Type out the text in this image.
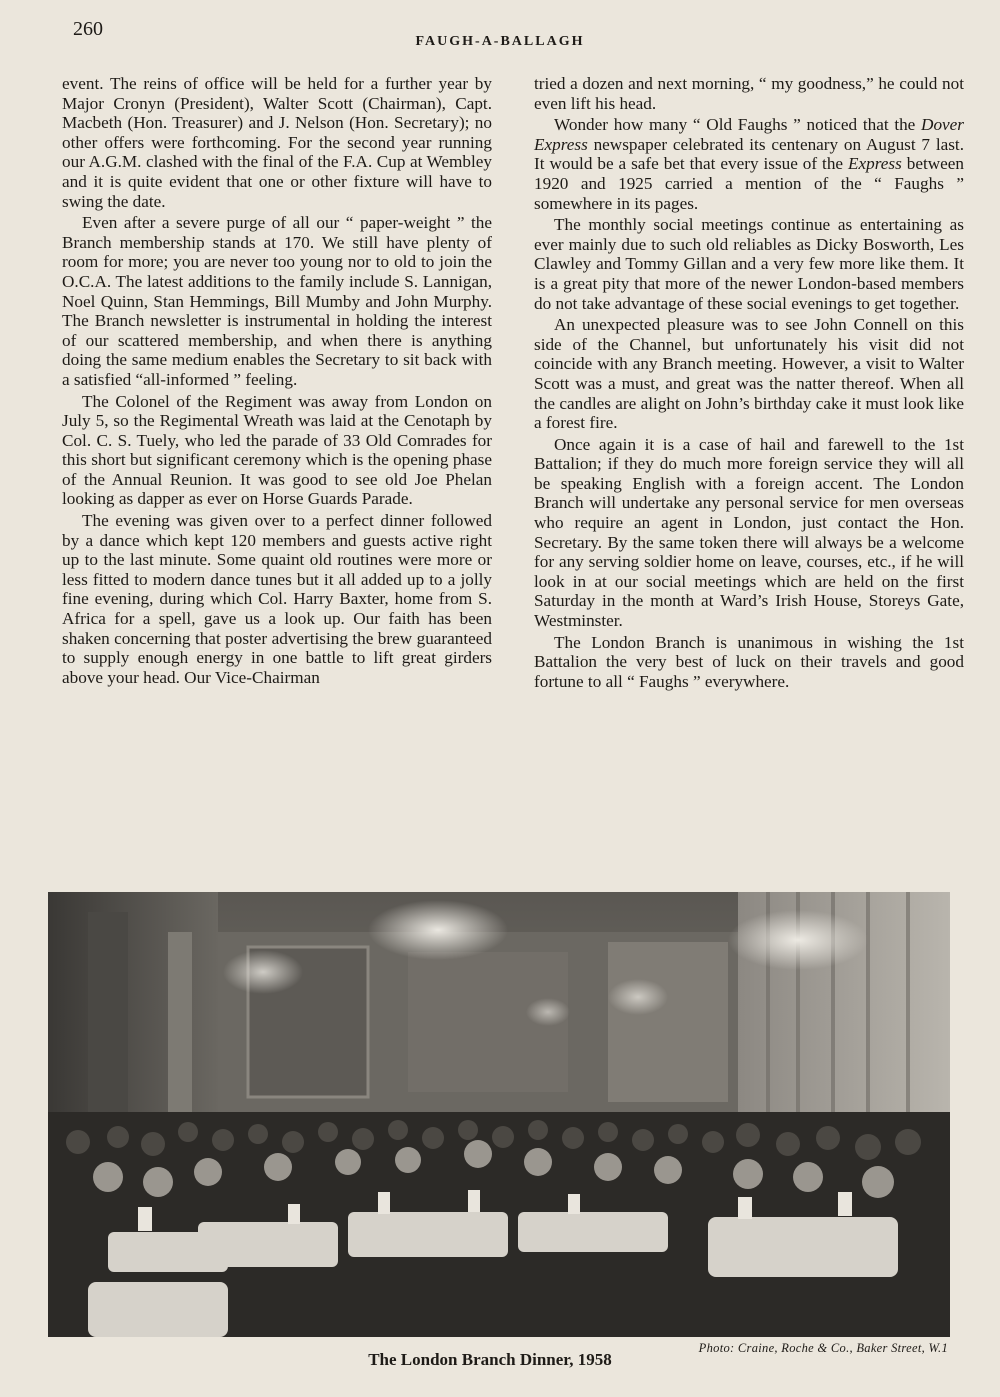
260
FAUGH-A-BALLAGH

event. The reins of office will be held for a further year by Major Cronyn (President), Walter Scott (Chairman), Capt. Macbeth (Hon. Treasurer) and J. Nelson (Hon. Secretary); no other offers were forthcoming. For the second year running our A.G.M. clashed with the final of the F.A. Cup at Wembley and it is quite evident that one or other fixture will have to swing the date.

Even after a severe purge of all our “ paper-weight ” the Branch membership stands at 170. We still have plenty of room for more; you are never too young nor to old to join the O.C.A. The latest additions to the family include S. Lannigan, Noel Quinn, Stan Hemmings, Bill Mumby and John Murphy. The Branch newsletter is instrumental in holding the interest of our scattered membership, and when there is anything doing the same medium enables the Secretary to sit back with a satisfied “all-informed ” feeling.

The Colonel of the Regiment was away from London on July 5, so the Regimental Wreath was laid at the Cenotaph by Col. C. S. Tuely, who led the parade of 33 Old Comrades for this short but significant ceremony which is the opening phase of the Annual Reunion. It was good to see old Joe Phelan looking as dapper as ever on Horse Guards Parade.

The evening was given over to a perfect dinner followed by a dance which kept 120 members and guests active right up to the last minute. Some quaint old routines were more or less fitted to modern dance tunes but it all added up to a jolly fine evening, during which Col. Harry Baxter, home from S. Africa for a spell, gave us a look up. Our faith has been shaken concerning that poster advertising the brew guaranteed to supply enough energy in one battle to lift great girders above your head. Our Vice-Chairman

tried a dozen and next morning, “ my goodness,” he could not even lift his head.

Wonder how many “ Old Faughs ” noticed that the Dover Express newspaper celebrated its centenary on August 7 last. It would be a safe bet that every issue of the Express between 1920 and 1925 carried a mention of the “ Faughs ” somewhere in its pages.

The monthly social meetings continue as entertaining as ever mainly due to such old reliables as Dicky Bosworth, Les Clawley and Tommy Gillan and a very few more like them. It is a great pity that more of the newer London-based members do not take advantage of these social evenings to get together.

An unexpected pleasure was to see John Connell on this side of the Channel, but unfortunately his visit did not coincide with any Branch meeting. However, a visit to Walter Scott was a must, and great was the natter thereof. When all the candles are alight on John’s birthday cake it must look like a forest fire.

Once again it is a case of hail and farewell to the 1st Battalion; if they do much more foreign service they will all be speaking English with a foreign accent. The London Branch will undertake any personal service for men overseas who require an agent in London, just contact the Hon. Secretary. By the same token there will always be a welcome for any serving soldier home on leave, courses, etc., if he will look in at our social meetings which are held on the first Saturday in the month at Ward’s Irish House, Storeys Gate, Westminster.

The London Branch is unanimous in wishing the 1st Battalion the very best of luck on their travels and good fortune to all “ Faughs ” everywhere.

Photo: Craine, Roche & Co., Baker Street, W.1
The London Branch Dinner, 1958
